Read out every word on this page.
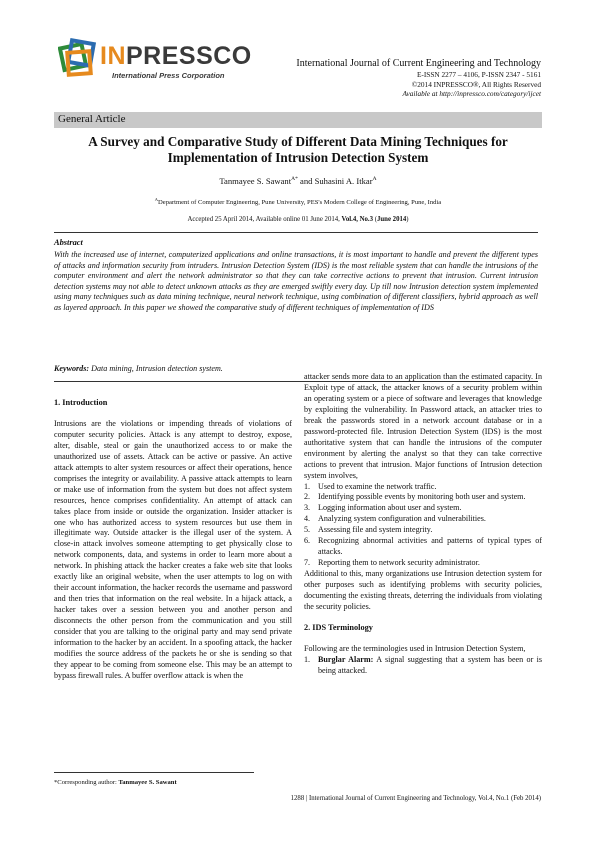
INPRESSCO
International Press Corporation
International Journal of Current Engineering and Technology
E-ISSN 2277 – 4106, P-ISSN 2347 - 5161
©2014 INPRESSCO®, All Rights Reserved
Available at http://inpressco.com/category/ijcet
General Article
A Survey and Comparative Study of Different Data Mining Techniques for
Implementation of Intrusion Detection System
Tanmayee S. Sawant$^{A*}$ and Suhasini A. Itkar$^A$
$^A$Department of Computer Engineering, Pune University, PES's Modern College of Engineering, Pune, India
Accepted 25 April 2014, Available online 01 June 2014, Vol.4, No.3 (June 2014)
Abstract
With the increased use of internet, computerized applications and online transactions, it is most important to handle and prevent the different types of attacks and information security from intruders. Intrusion Detection System (IDS) is the most reliable system that can handle the intrusions of the computer environment and alert the network administrator so that they can take corrective actions to prevent that intrusion. Current intrusion detection systems may not able to detect unknown attacks as they are emerged swiftly every day. Up till now Intrusion detection system implemented using many techniques such as data mining technique, neural network technique, using combination of different classifiers, hybrid approach as well as layered approach. In this paper we showed the comparative study of different techniques of implementation of IDS
Keywords: Data mining, Intrusion detection system.
1. Introduction
Intrusions are the violations or impending threads of violations of computer security policies. Attack is any attempt to destroy, expose, alter, disable, steal or gain the unauthorized access to or make the unauthorized use of assets. Attack can be active or passive. An active attack attempts to alter system resources or affect their operations, hence comprises the integrity or availability. A passive attack attempts to learn or make use of information from the system but does not affect system resources, hence comprises confidentiality. An attempt of attack can takes place from inside or outside the organization. Insider attacker is one who has authorized access to system resources but use them in illegitimate way. Outside attacker is the illegal user of the system. A close-in attack involves someone attempting to get physically close to network components, data, and systems in order to learn more about a network. In phishing attack the hacker creates a fake web site that looks exactly like an original website, when the user attempts to log on with their account information, the hacker records the username and password and then tries that information on the real website. In a hijack attack, a hacker takes over a session between you and another person and disconnects the other person from the communication and you still consider that you are talking to the original party and may send private information to the hacker by an accident. In a spoofing attack, the hacker modifies the source address of the packets he or she is sending so that they appear to be coming from someone else. This may be an attempt to bypass firewall rules. A buffer overflow attack is when the
attacker sends more data to an application than the estimated capacity. In Exploit type of attack, the attacker knows of a security problem within an operating system or a piece of software and leverages that knowledge by exploiting the vulnerability. In Password attack, an attacker tries to break the passwords stored in a network account database or in a password-protected file. Intrusion Detection System (IDS) is the most authoritative system that can handle the intrusions of the computer environment by alerting the analyst so that they can take corrective actions to prevent that intrusion. Major functions of Intrusion detection system involves,
1. Used to examine the network traffic.
2. Identifying possible events by monitoring both user and system.
3. Logging information about user and system.
4. Analyzing system configuration and vulnerabilities.
5. Assessing file and system integrity.
6. Recognizing abnormal activities and patterns of typical types of attacks.
7. Reporting them to network security administrator.
Additional to this, many organizations use Intrusion detection system for other purposes such as identifying problems with security policies, documenting the existing threats, deterring the individuals from violating the security policies.
2. IDS Terminology
Following are the terminologies used in Intrusion Detection System,
1. Burglar Alarm: A signal suggesting that a system has been or is being attacked.
*Corresponding author: Tanmayee S. Sawant
1288 | International Journal of Current Engineering and Technology, Vol.4, No.1 (Feb 2014)
